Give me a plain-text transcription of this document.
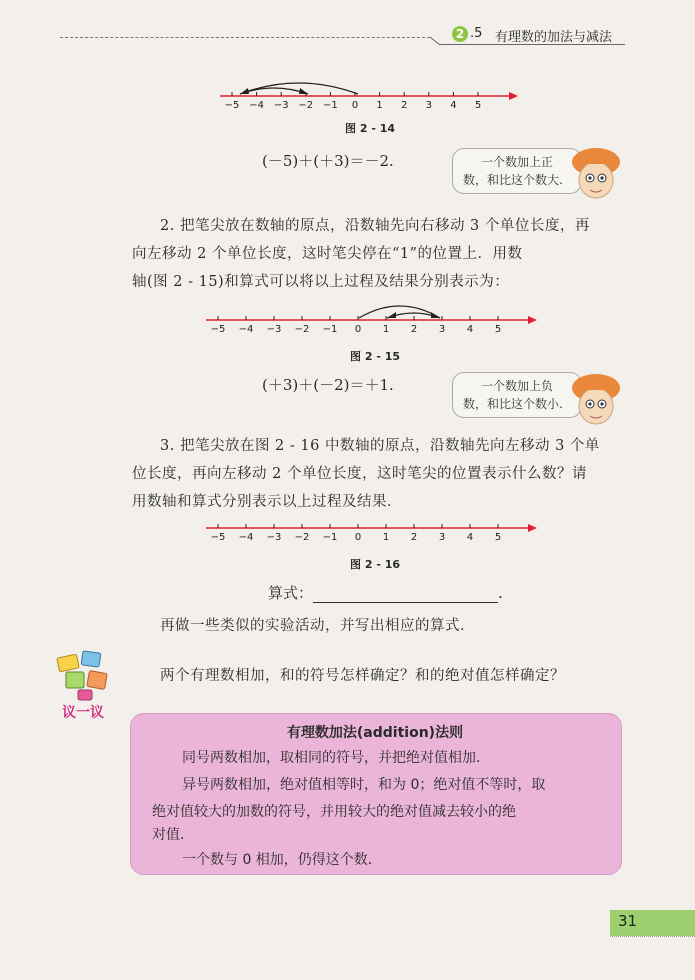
2 .5 有理数的加法与减法
−5 −4 −3 −2 −1 0 1 2 3 4 5
图 2 - 14
(－5)＋(＋3)＝－2.	一个数加上正
数，和比这个数大.
2. 把笔尖放在数轴的原点，沿数轴先向右移动 3 个单位长度，再
向左移动 2 个单位长度，这时笔尖停在“1”的位置上．用数
轴(图 2 - 15)和算式可以将以上过程及结果分别表示为：
−5 −4 −3 −2 −1 0 1 2 3 4 5
图 2 - 15
(＋3)＋(－2)＝＋1.	一个数加上负
数，和比这个数小.
3. 把笔尖放在图 2 - 16 中数轴的原点，沿数轴先向左移动 3 个单
位长度，再向左移动 2 个单位长度，这时笔尖的位置表示什么数？请
用数轴和算式分别表示以上过程及结果．
−5 −4 −3 −2 −1 0 1 2 3 4 5
图 2 - 16
算式：	.
再做一些类似的实验活动，并写出相应的算式．
两个有理数相加，和的符号怎样确定？和的绝对值怎样确定？
议一议
有理数加法(addition)法则
同号两数相加，取相同的符号，并把绝对值相加．
异号两数相加，绝对值相等时，和为 0；绝对值不等时，取
绝对值较大的加数的符号，并用较大的绝对值减去较小的绝
对值．
一个数与 0 相加，仍得这个数．
31
